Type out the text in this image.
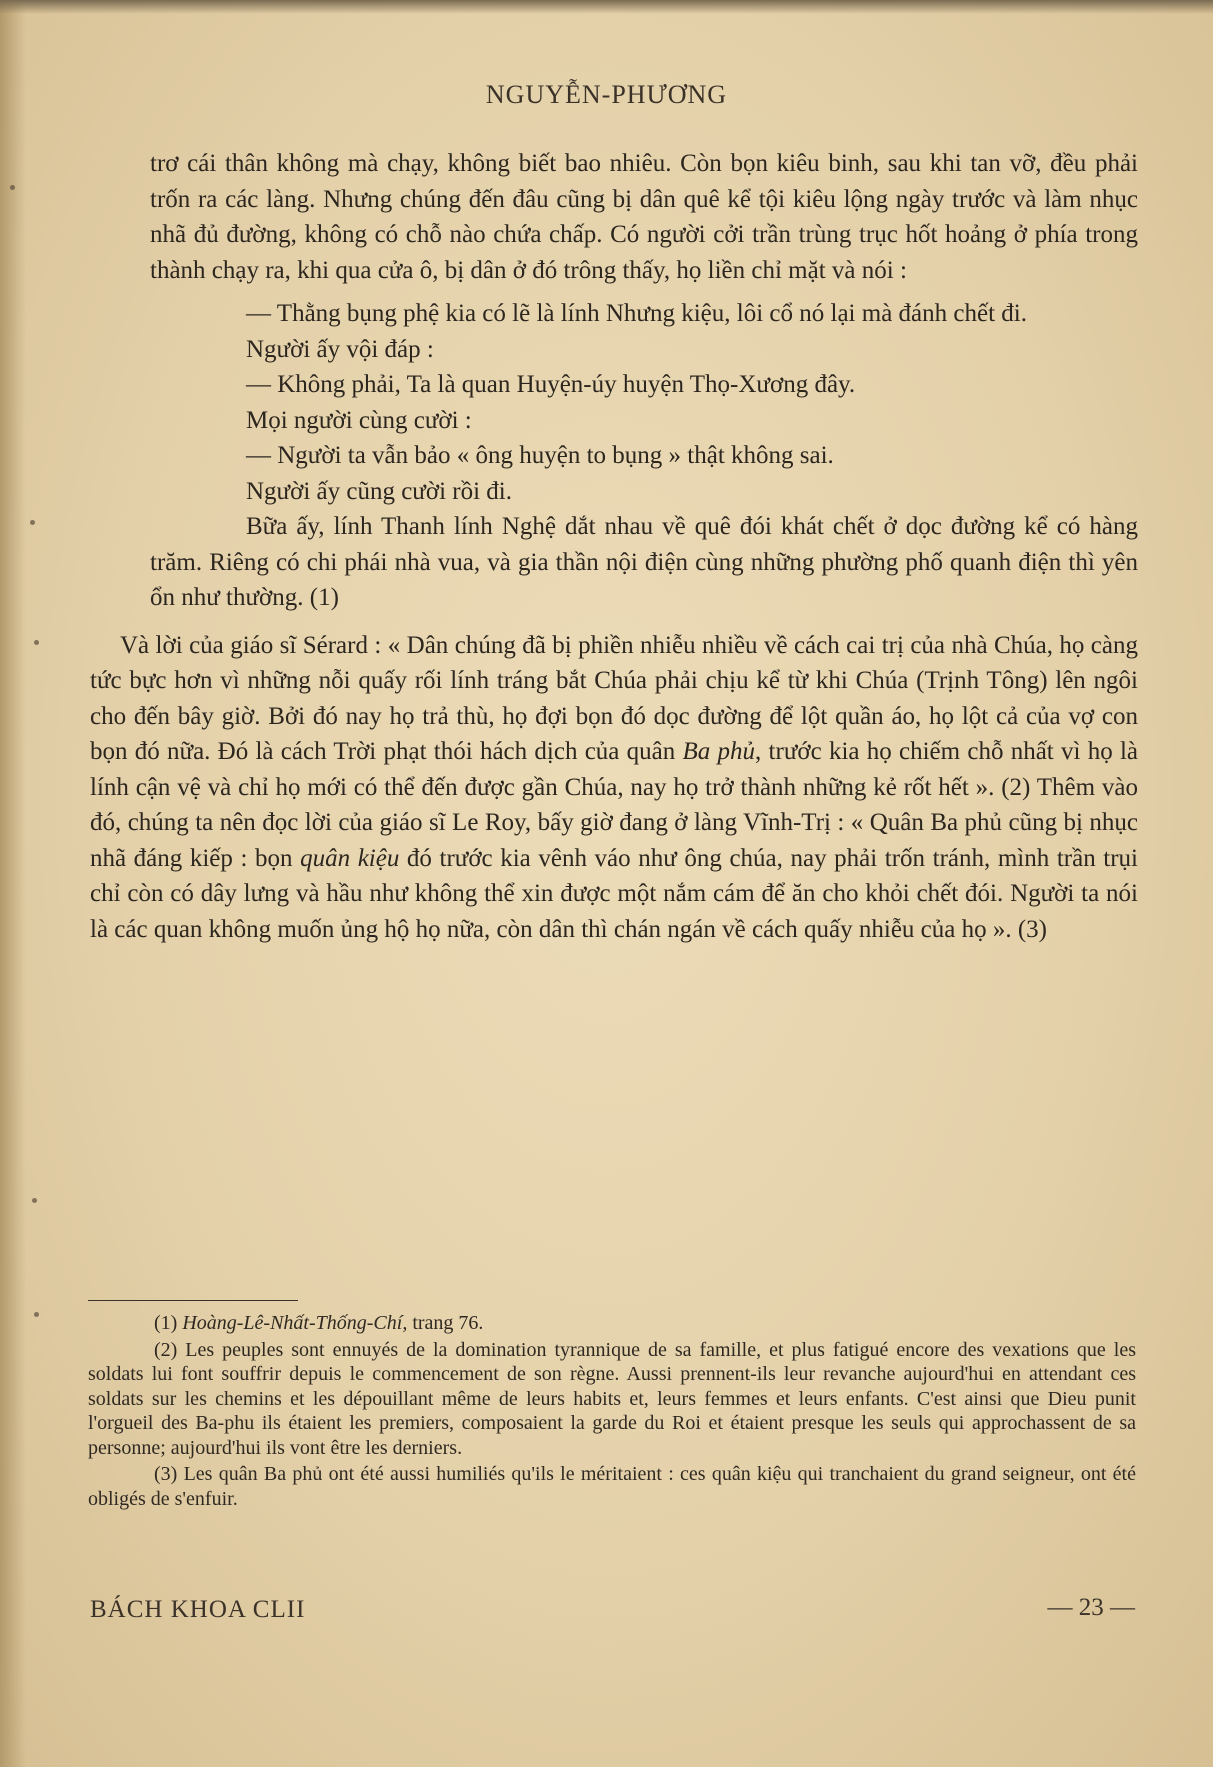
NGUYỄN-PHƯƠNG

trơ cái thân không mà chạy, không biết bao nhiêu. Còn bọn kiêu binh, sau khi tan vỡ, đều phải trốn ra các làng. Nhưng chúng đến đâu cũng bị dân quê kể tội kiêu lộng ngày trước và làm nhục nhã đủ đường, không có chỗ nào chứa chấp. Có người cởi trần trùng trục hốt hoảng ở phía trong thành chạy ra, khi qua cửa ô, bị dân ở đó trông thấy, họ liền chỉ mặt và nói :

— Thằng bụng phệ kia có lẽ là lính Nhưng kiệu, lôi cổ nó lại mà đánh chết đi.

Người ấy vội đáp :

— Không phải, Ta là quan Huyện-úy huyện Thọ-Xương đây.

Mọi người cùng cười :

— Người ta vẫn bảo « ông huyện to bụng » thật không sai.

Người ấy cũng cười rồi đi.

Bữa ấy, lính Thanh lính Nghệ dắt nhau về quê đói khát chết ở dọc đường kể có hàng trăm. Riêng có chi phái nhà vua, và gia thần nội điện cùng những phường phố quanh điện thì yên ổn như thường. (1)

Và lời của giáo sĩ Sérard : « Dân chúng đã bị phiền nhiễu nhiều về cách cai trị của nhà Chúa, họ càng tức bực hơn vì những nỗi quấy rối lính tráng bắt Chúa phải chịu kể từ khi Chúa (Trịnh Tông) lên ngôi cho đến bây giờ. Bởi đó nay họ trả thù, họ đợi bọn đó dọc đường để lột quần áo, họ lột cả của vợ con bọn đó nữa. Đó là cách Trời phạt thói hách dịch của quân Ba phủ, trước kia họ chiếm chỗ nhất vì họ là lính cận vệ và chỉ họ mới có thể đến được gần Chúa, nay họ trở thành những kẻ rốt hết ». (2) Thêm vào đó, chúng ta nên đọc lời của giáo sĩ Le Roy, bấy giờ đang ở làng Vĩnh-Trị : « Quân Ba phủ cũng bị nhục nhã đáng kiếp : bọn quân kiệu đó trước kia vênh váo như ông chúa, nay phải trốn tránh, mình trần trụi chỉ còn có dây lưng và hầu như không thể xin được một nắm cám để ăn cho khỏi chết đói. Người ta nói là các quan không muốn ủng hộ họ nữa, còn dân thì chán ngán về cách quấy nhiễu của họ ». (3)

(1) Hoàng-Lê-Nhất-Thống-Chí, trang 76.

(2) Les peuples sont ennuyés de la domination tyrannique de sa famille, et plus fatigué encore des vexations que les soldats lui font souffrir depuis le commencement de son règne. Aussi prennent-ils leur revanche aujourd'hui en attendant ces soldats sur les chemins et les dépouillant même de leurs habits et, leurs femmes et leurs enfants. C'est ainsi que Dieu punit l'orgueil des Ba-phu ils étaient les premiers, composaient la garde du Roi et étaient presque les seuls qui approchassent de sa personne; aujourd'hui ils vont être les derniers.

(3) Les quân Ba phủ ont été aussi humiliés qu'ils le méritaient : ces quân kiệu qui tranchaient du grand seigneur, ont été obligés de s'enfuir.

BÁCH KHOA CLII	— 23 —
